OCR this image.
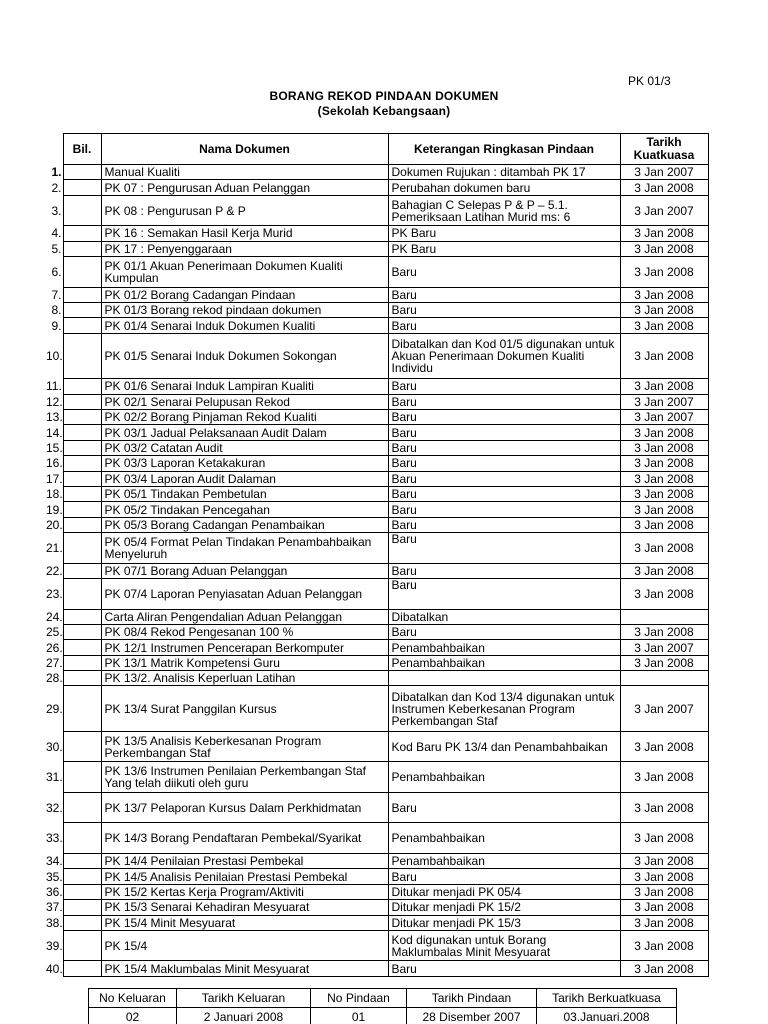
PK 01/3
BORANG REKOD PINDAAN DOKUMEN
(Sekolah Kebangsaan)
	Bil.	Nama Dokumen	Keterangan Ringkasan Pindaan	Tarikh Kuatkuasa
1.		Manual Kualiti	Dokumen Rujukan : ditambah PK 17	3 Jan 2007
2.		PK 07 : Pengurusan Aduan Pelanggan	Perubahan dokumen baru	3 Jan 2008
3.		PK 08 : Pengurusan P & P	Bahagian C Selepas P & P – 5.1. Pemeriksaan Latihan Murid ms: 6	3 Jan 2007
4.		PK 16 : Semakan Hasil Kerja Murid	PK Baru	3 Jan 2008
5.		PK 17 : Penyenggaraan	PK Baru	3 Jan 2008
6.		PK 01/1 Akuan Penerimaan Dokumen Kualiti Kumpulan	Baru	3 Jan 2008
7.		PK 01/2 Borang Cadangan Pindaan	Baru	3 Jan 2008
8.		PK 01/3 Borang rekod pindaan dokumen	Baru	3 Jan 2008
9.		PK 01/4 Senarai Induk Dokumen Kualiti	Baru	3 Jan 2008
10.		PK 01/5 Senarai Induk Dokumen Sokongan	Dibatalkan dan Kod 01/5 digunakan untuk Akuan Penerimaan Dokumen Kualiti Individu	3 Jan 2008
11.		PK 01/6 Senarai Induk Lampiran Kualiti	Baru	3 Jan 2008
12.		PK 02/1 Senarai Pelupusan Rekod	Baru	3 Jan 2007
13.		PK 02/2 Borang Pinjaman Rekod Kualiti	Baru	3 Jan 2007
14.		PK 03/1 Jadual Pelaksanaan Audit Dalam	Baru	3 Jan 2008
15.		PK 03/2 Catatan Audit	Baru	3 Jan 2008
16.		PK 03/3 Laporan Ketakakuran	Baru	3 Jan 2008
17.		PK 03/4 Laporan Audit Dalaman	Baru	3 Jan 2008
18.		PK 05/1 Tindakan Pembetulan	Baru	3 Jan 2008
19.		PK 05/2 Tindakan Pencegahan	Baru	3 Jan 2008
20.		PK 05/3 Borang Cadangan Penambaikan	Baru	3 Jan 2008
21.		PK 05/4 Format Pelan Tindakan Penambahbaikan Menyeluruh	Baru	3 Jan 2008
22.		PK 07/1 Borang Aduan Pelanggan	Baru	3 Jan 2008
23.		PK 07/4 Laporan Penyiasatan Aduan Pelanggan	Baru	3 Jan 2008
24.		Carta Aliran Pengendalian Aduan Pelanggan	Dibatalkan	
25.		PK 08/4 Rekod Pengesanan 100 %	Baru	3 Jan 2008
26.		PK 12/1 Instrumen Pencerapan Berkomputer	Penambahbaikan	3 Jan 2007
27.		PK 13/1 Matrik Kompetensi Guru	Penambahbaikan	3 Jan 2008
28.		PK 13/2. Analisis Keperluan Latihan		
29.		PK 13/4 Surat Panggilan Kursus	Dibatalkan dan Kod 13/4 digunakan untuk Instrumen Keberkesanan Program Perkembangan Staf	3 Jan 2007
30.		PK 13/5 Analisis Keberkesanan Program Perkembangan Staf	Kod Baru PK 13/4 dan Penambahbaikan	3 Jan 2008
31.		PK 13/6 Instrumen Penilaian Perkembangan Staf Yang telah diikuti oleh guru	Penambahbaikan	3 Jan 2008
32.		PK 13/7 Pelaporan Kursus Dalam Perkhidmatan	Baru	3 Jan 2008
33.		PK 14/3 Borang Pendaftaran Pembekal/Syarikat	Penambahbaikan	3 Jan 2008
34.		PK 14/4 Penilaian Prestasi Pembekal	Penambahbaikan	3 Jan 2008
35.		PK 14/5 Analisis Penilaian Prestasi Pembekal	Baru	3 Jan 2008
36.		PK 15/2 Kertas Kerja Program/Aktiviti	Ditukar menjadi PK 05/4	3 Jan 2008
37.		PK 15/3 Senarai Kehadiran Mesyuarat	Ditukar menjadi PK 15/2	3 Jan 2008
38.		PK 15/4 Minit Mesyuarat	Ditukar menjadi PK 15/3	3 Jan 2008
39.		PK 15/4	Kod digunakan untuk Borang Maklumbalas Minit Mesyuarat	3 Jan 2008
40.		PK 15/4 Maklumbalas Minit Mesyuarat	Baru	3 Jan 2008
No Keluaran	Tarikh Keluaran	No Pindaan	Tarikh Pindaan	Tarikh Berkuatkuasa
02	2 Januari 2008	01	28 Disember 2007	03.Januari.2008
